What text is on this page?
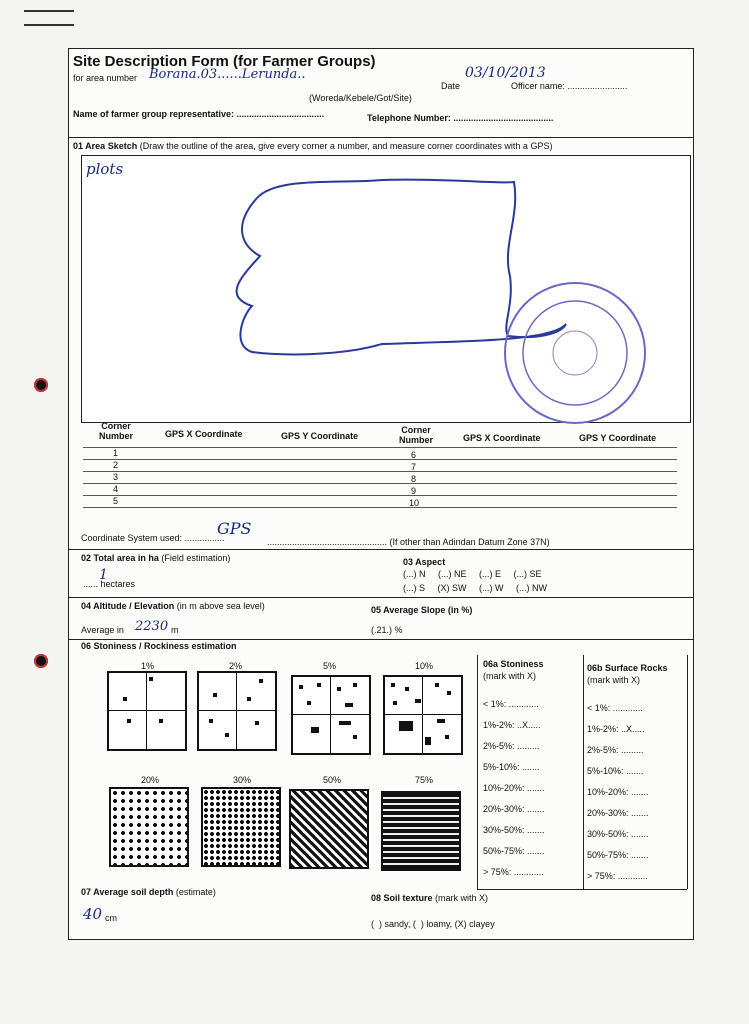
Site Description Form (for Farmer Groups)
for area number Borana.03......Lerunda..
Date
03/10/2013
Officer name: ........................
(Woreda/Kebele/Got/Site)
Name of farmer group representative: ...................................	Telephone Number: ........................................
01 Area Sketch (Draw the outline of the area, give every corner a number, and measure corner coordinates with a GPS)
plots
Corner Number	GPS X Coordinate	GPS Y Coordinate
Corner Number	GPS X Coordinate	GPS Y Coordinate
1
2
3
4
5
6
7
8
9
10
Coordinate System used: ................
GPS
................................................ (If other than Adindan Datum Zone 37N)
02 Total area in ha (Field estimation)
1
...... hectares
03 Aspect
(...) N     (...) NE     (...) E     (...) SE
(...) S     (X) SW     (...) W     (...) NW
04 Altitude / Elevation (in m above sea level)
Average in 2230 m
05 Average Slope (in %)
(.21.) %
06 Stoniness / Rockiness estimation
1%	2%	5%	10%
20%	30%	50%	75%
06a Stoniness
(mark with X)
06b Surface Rocks
(mark with X)
< 1%: ............
1%-2%: ..X.....
2%-5%: .........
5%-10%: .......
10%-20%: .......
20%-30%: .......
30%-50%: .......
50%-75%: .......
> 75%: ............
< 1%: ............
1%-2%: ..X.....
2%-5%: .........
5%-10%: .......
10%-20%: .......
20%-30%: .......
30%-50%: .......
50%-75%: .......
> 75%: ............
07 Average soil depth (estimate)
40 cm
08 Soil texture (mark with X)
(  ) sandy, (  ) loamy, (X) clayey
